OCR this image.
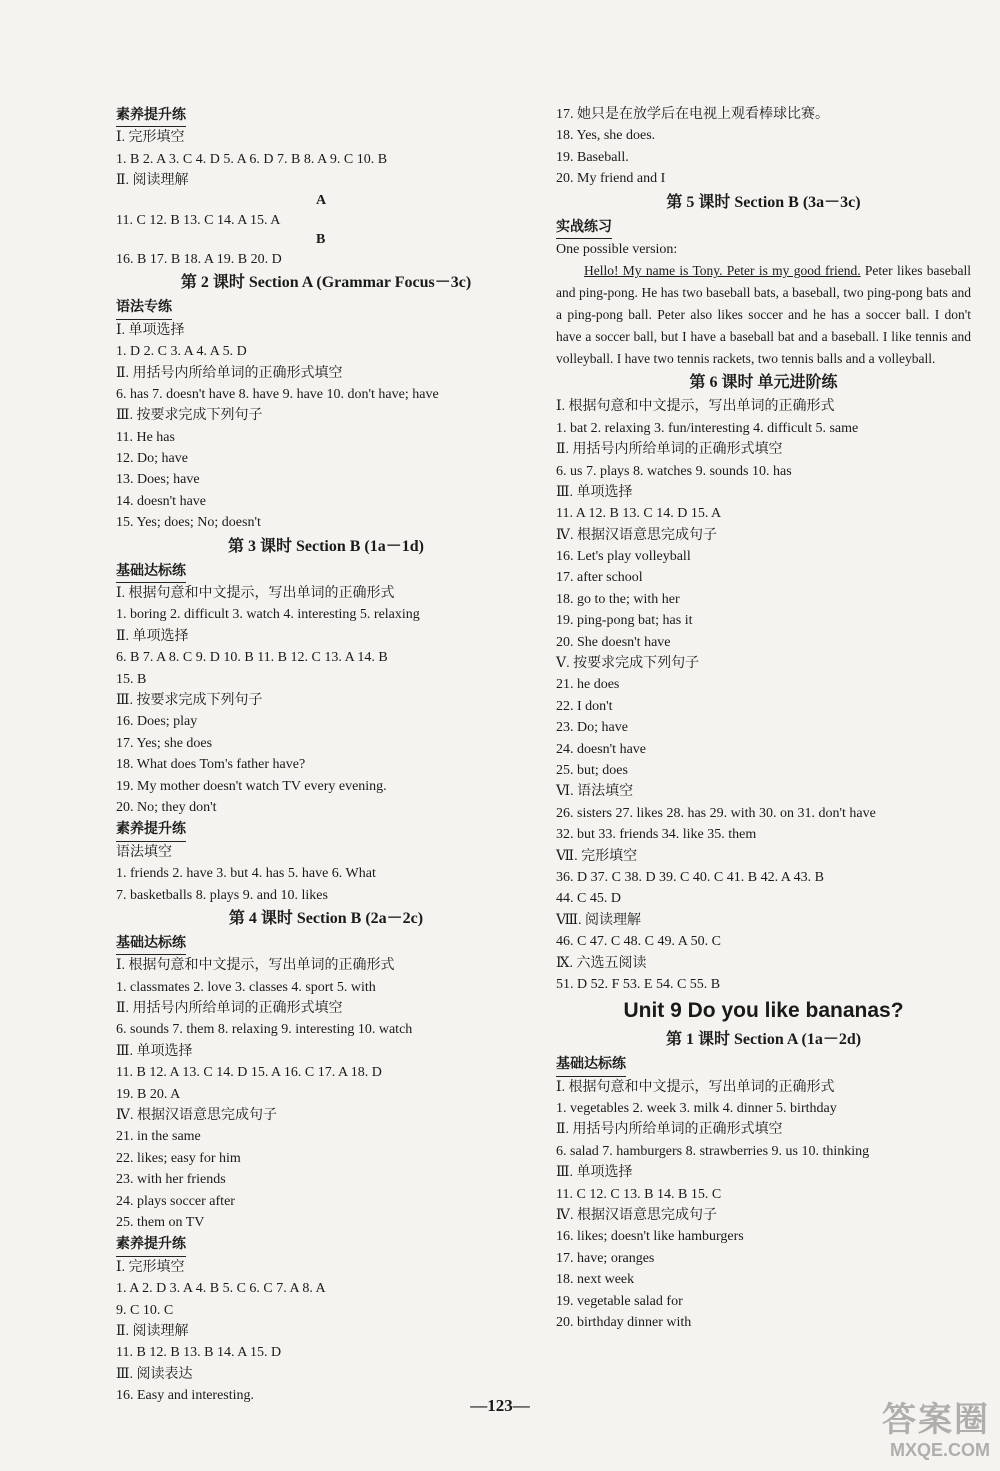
素养提升练
Ⅰ. 完形填空
1. B 2. A 3. C 4. D 5. A 6. D 7. B 8. A 9. C 10. B
Ⅱ. 阅读理解
A
11. C 12. B 13. C 14. A 15. A
B
16. B 17. B 18. A 19. B 20. D
第 2 课时 Section A (Grammar Focus－3c)
语法专练
Ⅰ. 单项选择
1. D 2. C 3. A 4. A 5. D
Ⅱ. 用括号内所给单词的正确形式填空
6. has 7. doesn't have 8. have 9. have 10. don't have; have
Ⅲ. 按要求完成下列句子
11. He has
12. Do; have
13. Does; have
14. doesn't have
15. Yes; does; No; doesn't
第 3 课时 Section B (1a－1d)
基础达标练
Ⅰ. 根据句意和中文提示，写出单词的正确形式
1. boring 2. difficult 3. watch 4. interesting 5. relaxing
Ⅱ. 单项选择
6. B 7. A 8. C 9. D 10. B 11. B 12. C 13. A 14. B
15. B
Ⅲ. 按要求完成下列句子
16. Does; play
17. Yes; she does
18. What does Tom's father have?
19. My mother doesn't watch TV every evening.
20. No; they don't
素养提升练
语法填空
1. friends 2. have 3. but 4. has 5. have 6. What
7. basketballs 8. plays 9. and 10. likes
第 4 课时 Section B (2a－2c)
基础达标练
Ⅰ. 根据句意和中文提示，写出单词的正确形式
1. classmates 2. love 3. classes 4. sport 5. with
Ⅱ. 用括号内所给单词的正确形式填空
6. sounds 7. them 8. relaxing 9. interesting 10. watch
Ⅲ. 单项选择
11. B 12. A 13. C 14. D 15. A 16. C 17. A 18. D
19. B 20. A
Ⅳ. 根据汉语意思完成句子
21. in the same
22. likes; easy for him
23. with her friends
24. plays soccer after
25. them on TV
素养提升练
Ⅰ. 完形填空
1. A 2. D 3. A 4. B 5. C 6. C 7. A 8. A
9. C 10. C
Ⅱ. 阅读理解
11. B 12. B 13. B 14. A 15. D
Ⅲ. 阅读表达
16. Easy and interesting.
17. 她只是在放学后在电视上观看棒球比赛。
18. Yes, she does.
19. Baseball.
20. My friend and I
第 5 课时 Section B (3a－3c)
实战练习
One possible version:
Hello! My name is Tony. Peter is my good friend. Peter likes baseball and ping-pong. He has two baseball bats, a baseball, two ping-pong bats and a ping-pong ball. Peter also likes soccer and he has a soccer ball. I don't have a soccer ball, but I have a baseball bat and a baseball. I like tennis and volleyball. I have two tennis rackets, two tennis balls and a volleyball.
第 6 课时 单元进阶练
Ⅰ. 根据句意和中文提示，写出单词的正确形式
1. bat 2. relaxing 3. fun/interesting 4. difficult 5. same
Ⅱ. 用括号内所给单词的正确形式填空
6. us 7. plays 8. watches 9. sounds 10. has
Ⅲ. 单项选择
11. A 12. B 13. C 14. D 15. A
Ⅳ. 根据汉语意思完成句子
16. Let's play volleyball
17. after school
18. go to the; with her
19. ping-pong bat; has it
20. She doesn't have
Ⅴ. 按要求完成下列句子
21. he does
22. I don't
23. Do; have
24. doesn't have
25. but; does
Ⅵ. 语法填空
26. sisters 27. likes 28. has 29. with 30. on 31. don't have
32. but 33. friends 34. like 35. them
Ⅶ. 完形填空
36. D 37. C 38. D 39. C 40. C 41. B 42. A 43. B
44. C 45. D
Ⅷ. 阅读理解
46. C 47. C 48. C 49. A 50. C
Ⅸ. 六选五阅读
51. D 52. F 53. E 54. C 55. B
Unit 9 Do you like bananas?
第 1 课时 Section A (1a－2d)
基础达标练
Ⅰ. 根据句意和中文提示，写出单词的正确形式
1. vegetables 2. week 3. milk 4. dinner 5. birthday
Ⅱ. 用括号内所给单词的正确形式填空
6. salad 7. hamburgers 8. strawberries 9. us 10. thinking
Ⅲ. 单项选择
11. C 12. C 13. B 14. B 15. C
Ⅳ. 根据汉语意思完成句子
16. likes; doesn't like hamburgers
17. have; oranges
18. next week
19. vegetable salad for
20. birthday dinner with
—123—	答案圈
MXQE.COM
